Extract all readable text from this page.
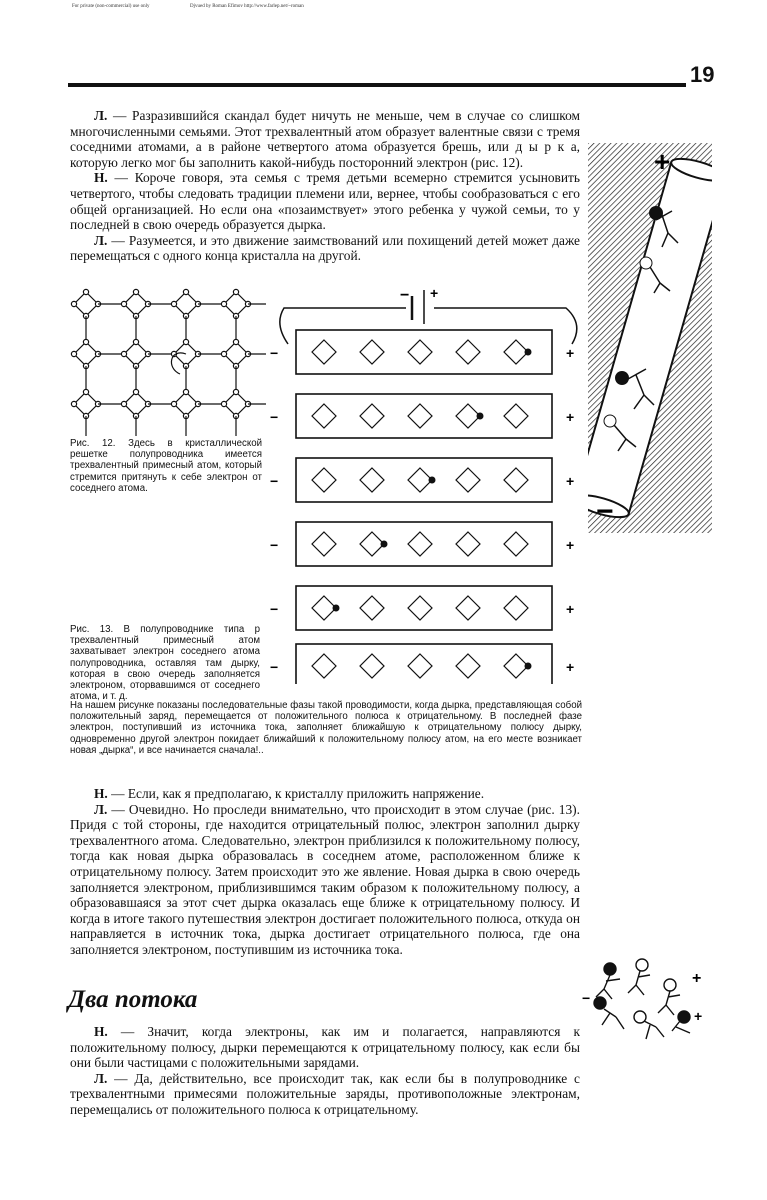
For private (non-commercial) use only	Djvued by Roman Efimov http://www.farlep.net/~roman
19

Л. — Разразившийся скандал будет ничуть не меньше, чем в случае со слишком многочисленными семьями. Этот трехвалентный атом образует валентные связи с тремя соседними атомами, а в районе четвертого атома образуется брешь, или д ы р к а, которую легко мог бы заполнить какой-нибудь посторонний электрон (рис. 12).

Н. — Короче говоря, эта семья с тремя детьми всемерно стремится усыновить четвертого, чтобы следовать традиции племени или, вернее, чтобы сообразоваться с его общей организацией. Но если она «позаимствует» этого ребенка у чужой семьи, то у последней в свою очередь образуется дырка.

Л. — Разумеется, и это движение заимствований или похищений детей может даже перемещаться с одного конца кристалла на другой.

+
−

Рис. 12. Здесь в кристаллической решетке полупроводника имеется трехвалентный примесный атом, который стремится притянуть к себе электрон от соседнего атома.

− +
−	+
−	+
−	+
−	+
−	+
−	+

Рис. 13. В полупроводнике типа p трехвалентный примесный атом захватывает электрон соседнего атома полупроводника, оставляя там дырку, которая в свою очередь заполняется электроном, оторвавшимся от соседнего атома, и т. д.

На нашем рисунке показаны последовательные фазы такой проводимости, когда дырка, представляющая собой положительный заряд, перемещается от положительного полюса к отрицательному. В последней фазе электрон, поступивший из источника тока, заполняет ближайшую к отрицательному полюсу дырку, одновременно другой электрон покидает ближайший к положительному полюсу атом, на его месте возникает новая „дырка“, и все начинается сначала!..

Н. — Если, как я предполагаю, к кристаллу приложить напряжение.

Л. — Очевидно. Но проследи внимательно, что происходит в этом случае (рис. 13). Придя с той стороны, где находится отрицательный полюс, электрон заполнил дырку трехвалентного атома. Следовательно, электрон приблизился к положительному полюсу, тогда как новая дырка образовалась в соседнем атоме, расположенном ближе к отрицательному полюсу. Затем происходит это же явление. Новая дырка в свою очередь заполняется электроном, приблизившимся таким образом к положительному полюсу, а образовавшаяся за этот счет дырка оказалась еще ближе к отрицательному полюсу. И когда в итоге такого путешествия электрон достигает положительного полюса, откуда он направляется в источник тока, дырка достигает отрицательного полюса, где она заполняется электроном, поступившим из источника тока.

Два потока
+
+
−

Н. — Значит, когда электроны, как им и полагается, направляются к положительному полюсу, дырки перемещаются к отрицательному полюсу, как если бы они были частицами с положительными зарядами.

Л. — Да, действительно, все происходит так, как если бы в полупроводнике с трехвалентными примесями положительные заряды, противоположные электронам, перемещались от положительного полюса к отрицательному.
